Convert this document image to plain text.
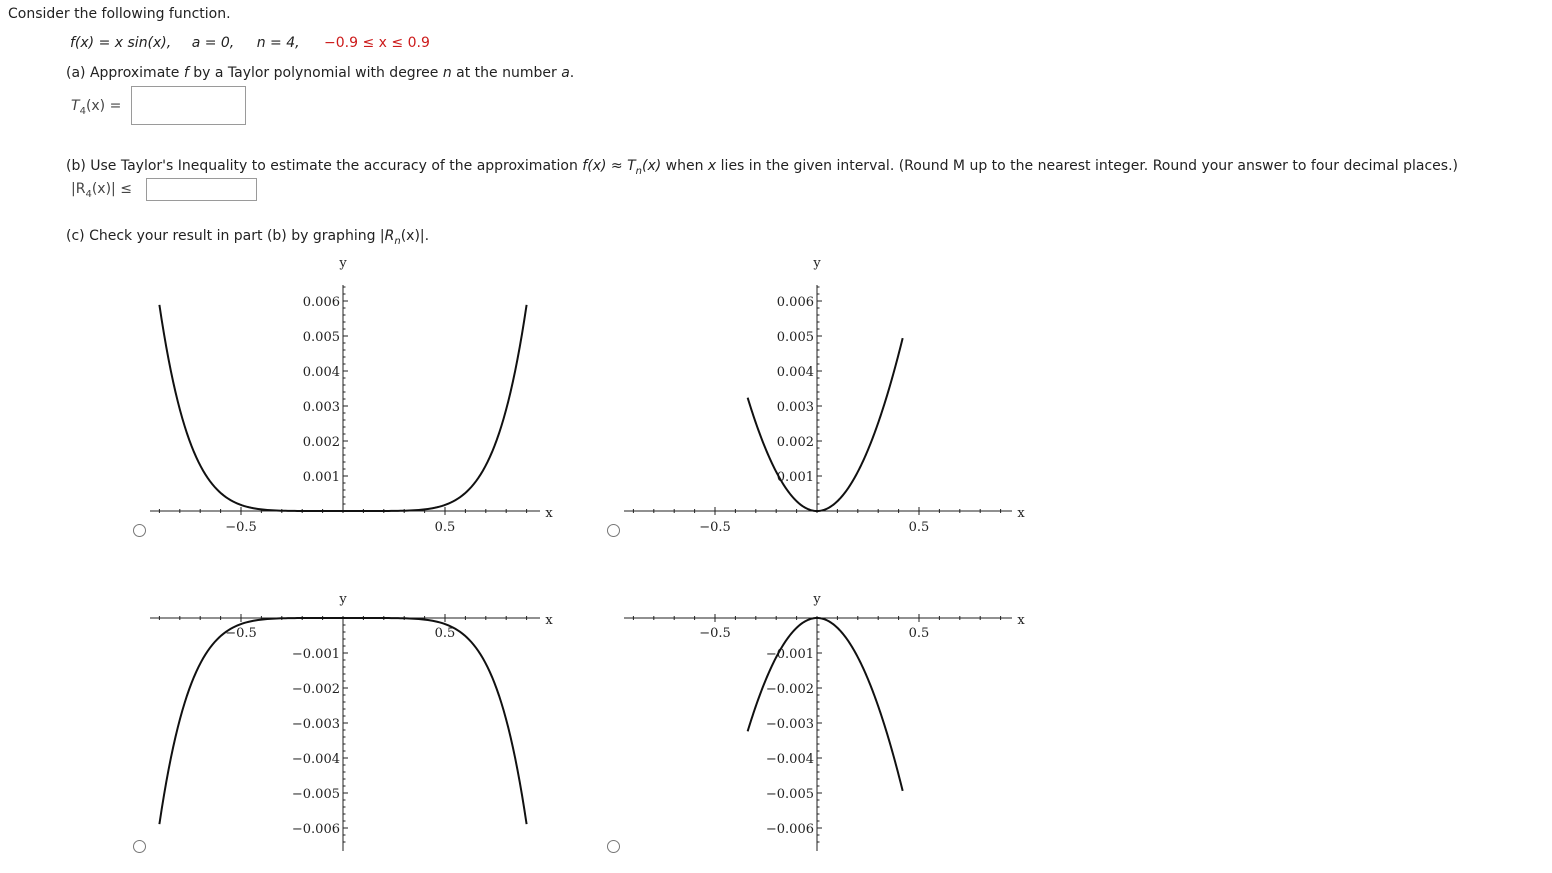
Consider the following function.
f(x) = x sin(x), a = 0, n = 4, −0.9 ≤ x ≤ 0.9
(a) Approximate f by a Taylor polynomial with degree n at the number a.
$T_4(x)$ =
(b) Use Taylor's Inequality to estimate the accuracy of the approximation $f(x) \approx T_n(x)$ when x lies in the given interval. (Round M up to the nearest integer. Round your answer to four decimal places.)
$|R_4(x)|$ ≤
(c) Check your result in part (b) by graphing $|R_n(x)|$.
−0.5	0.5
0.001
0.002
0.003
0.004
0.005
0.006
x
y
−0.5	0.5
0.001
0.002
0.003
0.004
0.005
0.006
x
y
−0.5	0.5
−0.001
−0.002
−0.003
−0.004
−0.005
−0.006
x
y
−0.5	0.5
−0.001
−0.002
−0.003
−0.004
−0.005
−0.006
x
y
